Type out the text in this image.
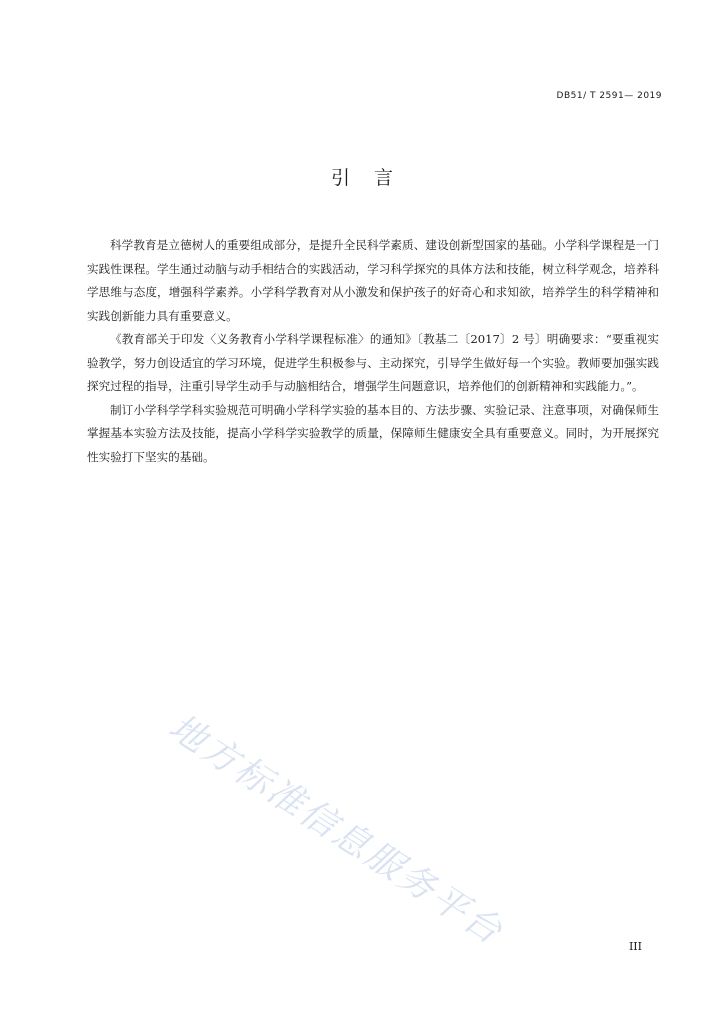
DB51/ T 2591— 2019
引言

科学教育是立德树人的重要组成部分，是提升全民科学素质、建设创新型国家的基础。小学科学课程是一门实践性课程。学生通过动脑与动手相结合的实践活动，学习科学探究的具体方法和技能，树立科学观念，培养科学思维与态度，增强科学素养。小学科学教育对从小激发和保护孩子的好奇心和求知欲，培养学生的科学精神和实践创新能力具有重要意义。

《教育部关于印发〈义务教育小学科学课程标准〉的通知》〔教基二〔2017〕2 号〕明确要求：“要重视实验教学，努力创设适宜的学习环境，促进学生积极参与、主动探究，引导学生做好每一个实验。教师要加强实践探究过程的指导，注重引导学生动手与动脑相结合，增强学生问题意识，培养他们的创新精神和实践能力。”。

制订小学科学学科实验规范可明确小学科学实验的基本目的、方法步骤、实验记录、注意事项，对确保师生掌握基本实验方法及技能，提高小学科学实验教学的质量，保障师生健康安全具有重要意义。同时，为开展探究性实验打下坚实的基础。

地方标准信息服务平台	III
